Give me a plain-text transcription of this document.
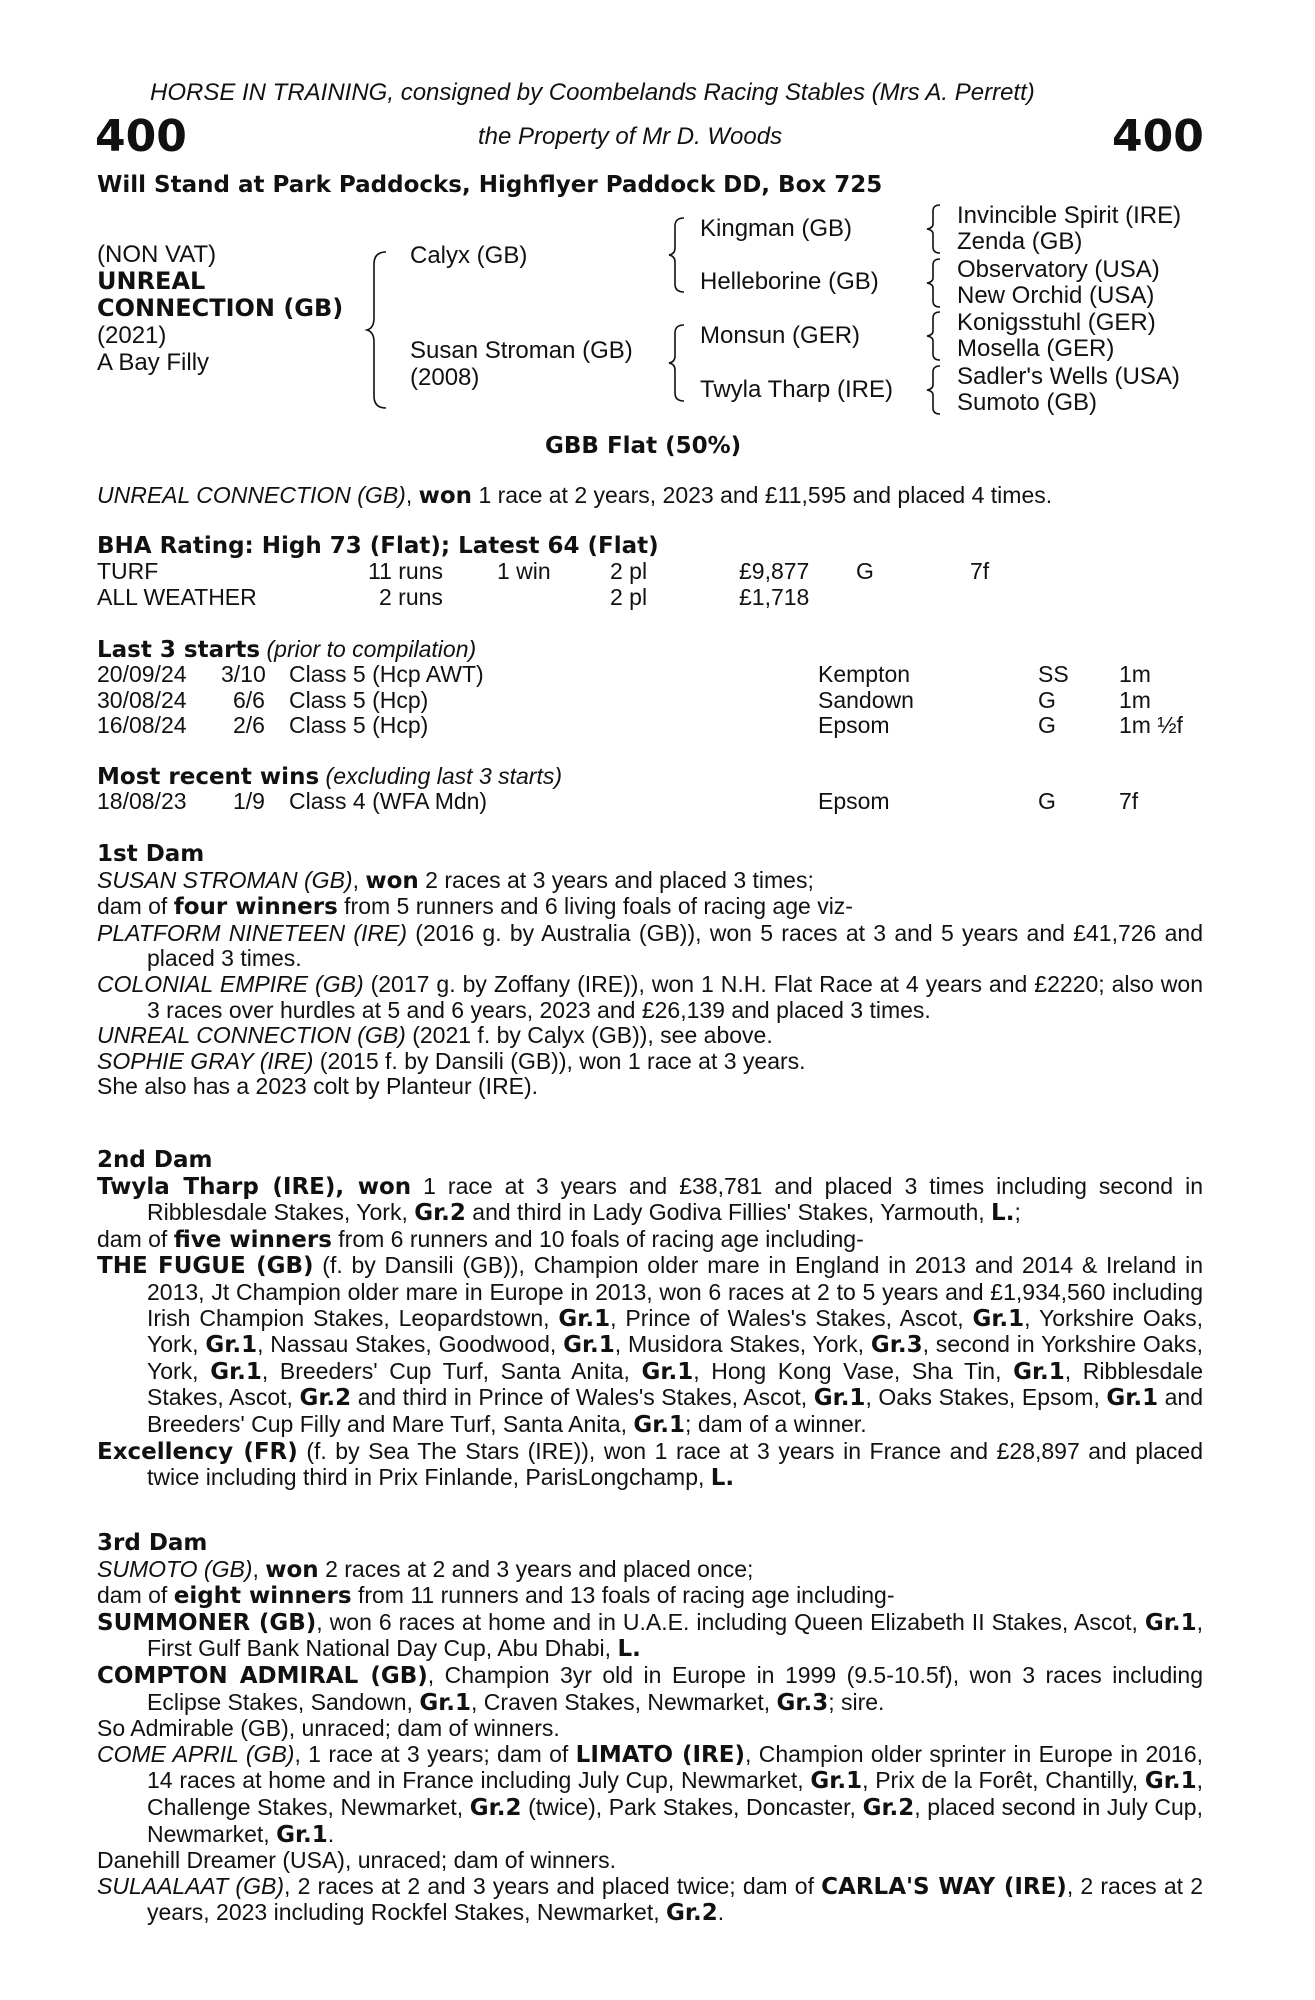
HORSE IN TRAINING, consigned by Coombelands Racing Stables (Mrs A. Perrett)
400	the Property of Mr D. Woods	400
Will Stand at Park Paddocks, Highflyer Paddock DD, Box 725
(NON VAT)
UNREAL
CONNECTION (GB)
(2021)
A Bay Filly
Calyx (GB)
Susan Stroman (GB)
(2008)
Kingman (GB)
Helleborine (GB)
Monsun (GER)
Twyla Tharp (IRE)
Invincible Spirit (IRE)
Zenda (GB)
Observatory (USA)
New Orchid (USA)
Konigsstuhl (GER)
Mosella (GER)
Sadler's Wells (USA)
Sumoto (GB)
GBB Flat (50%)
UNREAL CONNECTION (GB), won 1 race at 2 years, 2023 and £11,595 and placed 4 times.
BHA Rating: High 73 (Flat); Latest 64 (Flat)
TURF	11 runs 1 win	2 pl	£9,877 G	7f
ALL WEATHER	2 runs	2 pl	£1,718
Last 3 starts (prior to compilation)
20/09/24 3/10 Class 5 (Hcp AWT)	Kempton	SS 1m
30/08/24 6/6 Class 5 (Hcp)	Sandown	G	1m
16/08/24 2/6 Class 5 (Hcp)	Epsom	G	1m ½f
Most recent wins (excluding last 3 starts)
18/08/23 1/9 Class 4 (WFA Mdn)	Epsom	G	7f

1st Dam

SUSAN STROMAN (GB), won 2 races at 3 years and placed 3 times;

dam of four winners from 5 runners and 6 living foals of racing age viz-

PLATFORM NINETEEN (IRE) (2016 g. by Australia (GB)), won 5 races at 3 and 5 years and £41,726 and placed 3 times.

COLONIAL EMPIRE (GB) (2017 g. by Zoffany (IRE)), won 1 N.H. Flat Race at 4 years and £2220; also won 3 races over hurdles at 5 and 6 years, 2023 and £26,139 and placed 3 times.

UNREAL CONNECTION (GB) (2021 f. by Calyx (GB)), see above.

SOPHIE GRAY (IRE) (2015 f. by Dansili (GB)), won 1 race at 3 years.

She also has a 2023 colt by Planteur (IRE).

2nd Dam

Twyla Tharp (IRE), won 1 race at 3 years and £38,781 and placed 3 times including second in Ribblesdale Stakes, York, Gr.2 and third in Lady Godiva Fillies' Stakes, Yarmouth, L.;

dam of five winners from 6 runners and 10 foals of racing age including-

THE FUGUE (GB) (f. by Dansili (GB)), Champion older mare in England in 2013 and 2014 & Ireland in 2013, Jt Champion older mare in Europe in 2013, won 6 races at 2 to 5 years and £1,934,560 including Irish Champion Stakes, Leopardstown, Gr.1, Prince of Wales's Stakes, Ascot, Gr.1, Yorkshire Oaks, York, Gr.1, Nassau Stakes, Goodwood, Gr.1, Musidora Stakes, York, Gr.3, second in Yorkshire Oaks, York, Gr.1, Breeders' Cup Turf, Santa Anita, Gr.1, Hong Kong Vase, Sha Tin, Gr.1, Ribblesdale Stakes, Ascot, Gr.2 and third in Prince of Wales's Stakes, Ascot, Gr.1, Oaks Stakes, Epsom, Gr.1 and Breeders' Cup Filly and Mare Turf, Santa Anita, Gr.1; dam of a winner.

Excellency (FR) (f. by Sea The Stars (IRE)), won 1 race at 3 years in France and £28,897 and placed twice including third in Prix Finlande, ParisLongchamp, L.

3rd Dam

SUMOTO (GB), won 2 races at 2 and 3 years and placed once;

dam of eight winners from 11 runners and 13 foals of racing age including-

SUMMONER (GB), won 6 races at home and in U.A.E. including Queen Elizabeth II Stakes, Ascot, Gr.1, First Gulf Bank National Day Cup, Abu Dhabi, L.

COMPTON ADMIRAL (GB), Champion 3yr old in Europe in 1999 (9.5-10.5f), won 3 races including Eclipse Stakes, Sandown, Gr.1, Craven Stakes, Newmarket, Gr.3; sire.

So Admirable (GB), unraced; dam of winners.

COME APRIL (GB), 1 race at 3 years; dam of LIMATO (IRE), Champion older sprinter in Europe in 2016, 14 races at home and in France including July Cup, Newmarket, Gr.1, Prix de la Forêt, Chantilly, Gr.1, Challenge Stakes, Newmarket, Gr.2 (twice), Park Stakes, Doncaster, Gr.2, placed second in July Cup, Newmarket, Gr.1.

Danehill Dreamer (USA), unraced; dam of winners.

SULAALAAT (GB), 2 races at 2 and 3 years and placed twice; dam of CARLA'S WAY (IRE), 2 races at 2 years, 2023 including Rockfel Stakes, Newmarket, Gr.2.
